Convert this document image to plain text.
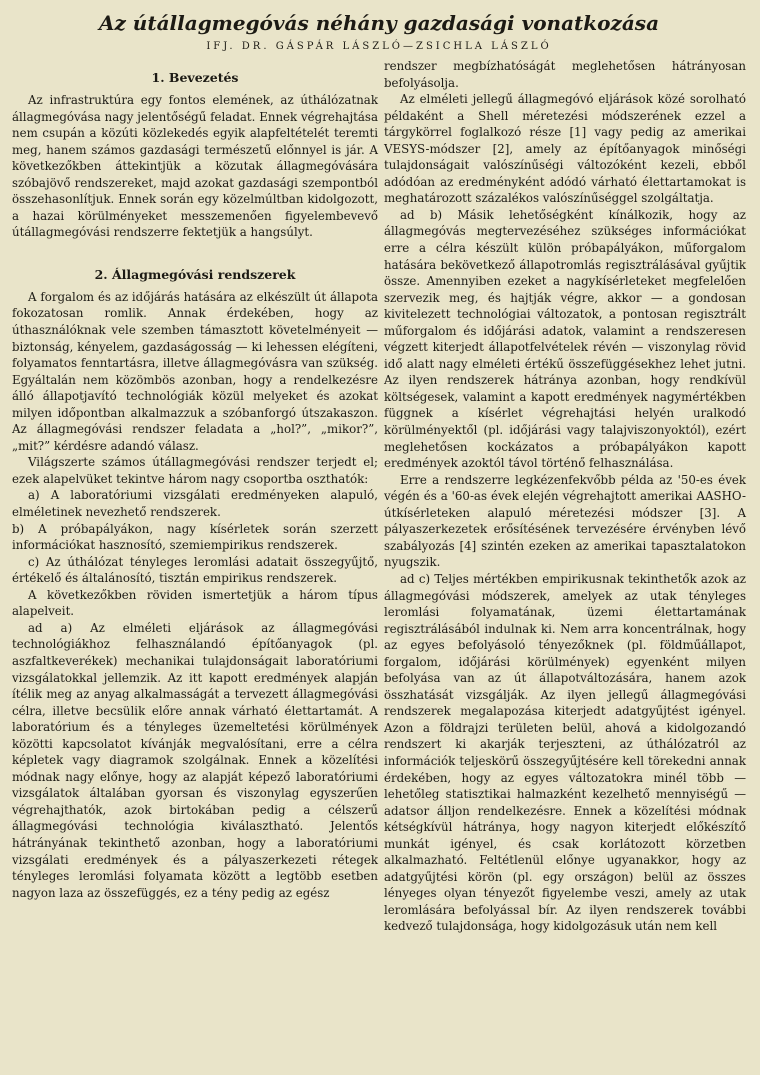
Az útállagmegóvás néhány gazdasági vonatkozása
IFJ. DR. GÁSPÁR LÁSZLÓ—ZSICHLA LÁSZLÓ
1. Bevezetés

Az infrastruktúra egy fontos elemének, az úthálózatnak állagmegóvása nagy jelentőségű feladat. Ennek végrehajtása nem csupán a közúti közlekedés egyik alapfeltételét teremti meg, hanem számos gazdasági természetű előnnyel is jár. A következőkben áttekintjük a közutak állagmegóvására szóbajövő rendszereket, majd azokat gazdasági szempontból összehasonlítjuk. Ennek során egy közelmúltban kidolgozott, a hazai körülményeket messzemenően figyelembevevő útállagmegóvási rendszerre fektetjük a hangsúlyt.

2. Állagmegóvási rendszerek

A forgalom és az időjárás hatására az elkészült út állapota fokozatosan romlik. Annak érdekében, hogy az úthasználóknak vele szemben támasztott követelményeit — biztonság, kényelem, gazdaságosság — ki lehessen elégíteni, folyamatos fenntartásra, illetve állagmegóvásra van szükség. Egyáltalán nem közömbös azonban, hogy a rendelkezésre álló állapotjavító technológiák közül melyeket és azokat milyen időpontban alkalmazzuk a szóbanforgó útszakaszon. Az állagmegóvási rendszer feladata a „hol?”, „mikor?”, „mit?” kérdésre adandó válasz.

Világszerte számos útállagmegóvási rendszer terjedt el; ezek alapelvüket tekintve három nagy csoportba oszthatók:

a) A laboratóriumi vizsgálati eredményeken alapuló, elméletinek nevezhető rendszerek.

b) A próbapályákon, nagy kísérletek során szerzett információkat hasznosító, szemiempirikus rendszerek.

c) Az úthálózat tényleges leromlási adatait összegyűjtő, értékelő és általánosító, tisztán empirikus rendszerek.

A következőkben röviden ismertetjük a három típus alapelveit.

ad a) Az elméleti eljárások az állagmegóvási technológiákhoz felhasználandó építőanyagok (pl. aszfaltkeverékek) mechanikai tulajdonságait laboratóriumi vizsgálatokkal jellemzik. Az itt kapott eredmények alapján ítélik meg az anyag alkalmasságát a tervezett állagmegóvási célra, illetve becsülik előre annak várható élettartamát. A laboratórium és a tényleges üzemeltetési körülmények közötti kapcsolatot kívánják megvalósítani, erre a célra képletek vagy diagramok szolgálnak. Ennek a közelítési módnak nagy előnye, hogy az alapját képező laboratóriumi vizsgálatok általában gyorsan és viszonylag egyszerűen végrehajthatók, azok birtokában pedig a célszerű állagmegóvási technológia kiválasztható. Jelentős hátrányának tekinthető azonban, hogy a laboratóriumi vizsgálati eredmények és a pályaszerkezeti rétegek tényleges leromlási folyamata között a legtöbb esetben nagyon laza az összefüggés, ez a tény pedig az egész

rendszer megbízhatóságát meglehetősen hátrányosan befolyásolja.

Az elméleti jellegű állagmegóvó eljárások közé sorolható példaként a Shell méretezési módszerének ezzel a tárgykörrel foglalkozó része [1] vagy pedig az amerikai VESYS-módszer [2], amely az építőanyagok minőségi tulajdonságait valószínűségi változóként kezeli, ebből adódóan az eredményként adódó várható élettartamokat is meghatározott százalékos valószínűséggel szolgáltatja.

ad b) Másik lehetőségként kínálkozik, hogy az állagmegóvás megtervezéséhez szükséges információkat erre a célra készült külön próbapályákon, műforgalom hatására bekövetkező állapotromlás regisztrálásával gyűjtik össze. Amennyiben ezeket a nagykísérleteket megfelelően szervezik meg, és hajtják végre, akkor — a gondosan kivitelezett technológiai változatok, a pontosan regisztrált műforgalom és időjárási adatok, valamint a rendszeresen végzett kiterjedt állapotfelvételek révén — viszonylag rövid idő alatt nagy elméleti értékű összefüggésekhez lehet jutni. Az ilyen rendszerek hátránya azonban, hogy rendkívül költségesek, valamint a kapott eredmények nagymértékben függnek a kísérlet végrehajtási helyén uralkodó körülményektől (pl. időjárási vagy talajviszonyoktól), ezért meglehetősen kockázatos a próbapályákon kapott eredmények azoktól távol történő felhasználása.

Erre a rendszerre legkézenfekvőbb példa az '50-es évek végén és a '60-as évek elején végrehajtott amerikai AASHO-útkísérleteken alapuló méretezési módszer [3]. A pályaszerkezetek erősítésének tervezésére érvényben lévő szabályozás [4] szintén ezeken az amerikai tapasztalatokon nyugszik.

ad c) Teljes mértékben empirikusnak tekinthetők azok az állagmegóvási módszerek, amelyek az utak tényleges leromlási folyamatának, üzemi élettartamának regisztrálásából indulnak ki. Nem arra koncentrálnak, hogy az egyes befolyásoló tényezőknek (pl. földműállapot, forgalom, időjárási körülmények) egyenként milyen befolyása van az út állapotváltozására, hanem azok összhatását vizsgálják. Az ilyen jellegű állagmegóvási rendszerek megalapozása kiterjedt adatgyűjtést igényel. Azon a földrajzi területen belül, ahová a kidolgozandó rendszert ki akarják terjeszteni, az úthálózatról az információk teljeskörű összegyűjtésére kell törekedni annak érdekében, hogy az egyes változatokra minél több — lehetőleg statisztikai halmazként kezelhető mennyiségű — adatsor álljon rendelkezésre. Ennek a közelítési módnak kétségkívül hátránya, hogy nagyon kiterjedt előkészítő munkát igényel, és csak korlátozott körzetben alkalmazható. Feltétlenül előnye ugyanakkor, hogy az adatgyűjtési körön (pl. egy országon) belül az összes lényeges olyan tényezőt figyelembe veszi, amely az utak leromlására befolyással bír. Az ilyen rendszerek további kedvező tulajdonsága, hogy kidolgozásuk után nem kell
